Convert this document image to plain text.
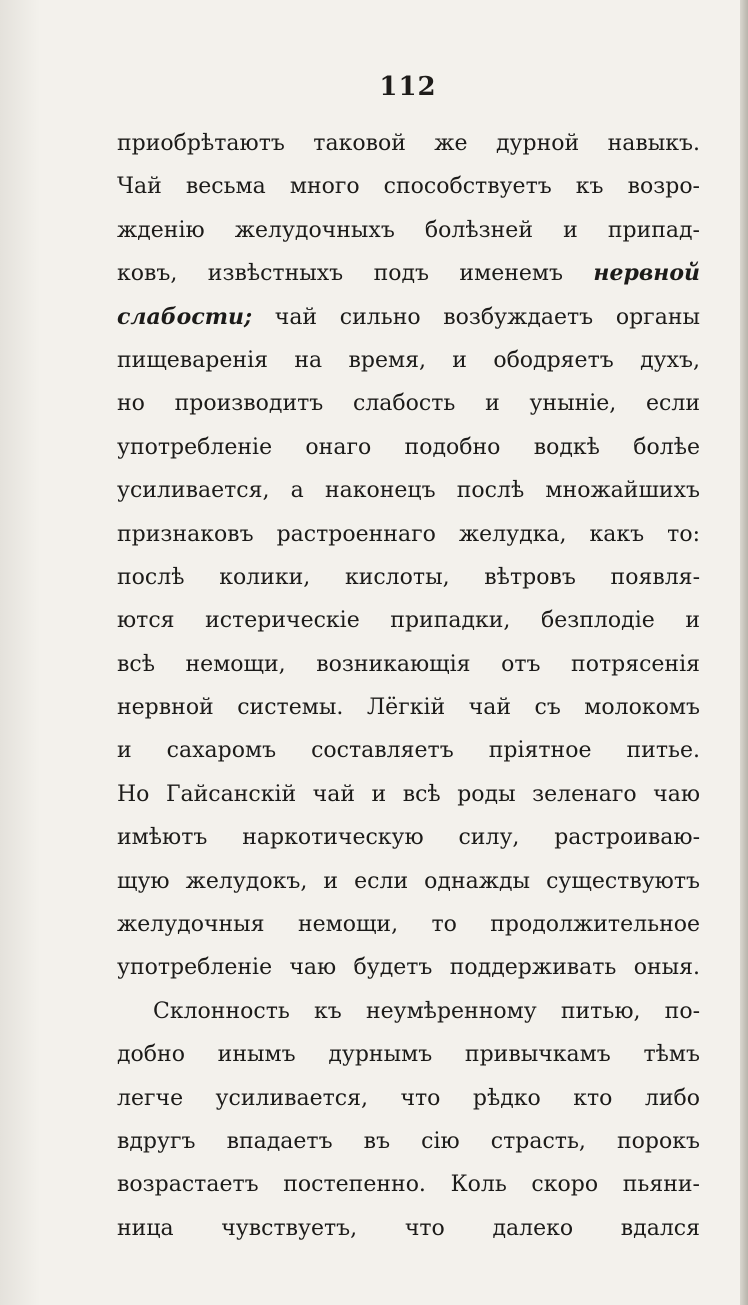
112
приобрѣтаютъ таковой же дурной навыкъ.
Чай весьма много способствуетъ къ возро-
жденію желудочныхъ болѣзней и припад-
ковъ, извѣстныхъ подъ именемъ нервной
слабости; чай сильно возбуждаетъ органы
пищеваренія на время, и ободряетъ духъ,
но производитъ слабость и уныніе, если
употребленіе онаго подобно водкѣ болѣе
усиливается, а наконецъ послѣ множайшихъ
признаковъ растроеннаго желудка, какъ то:
послѣ колики, кислоты, вѣтровъ появля-
ются истерическіе припадки, безплодіе и
всѣ немощи, возникающія отъ потрясенія
нервной системы. Лёгкій чай съ молокомъ
и сахаромъ составляетъ пріятное питье.
Но Гайсанскій чай и всѣ роды зеленаго чаю
имѣютъ наркотическую силу, растроиваю-
щую желудокъ, и если однажды существуютъ
желудочныя немощи, то продолжительное
употребленіе чаю будетъ поддерживать оныя.
Склонность къ неумѣренному питью, по-
добно инымъ дурнымъ привычкамъ тѣмъ
легче усиливается, что рѣдко кто либо
вдругъ впадаетъ въ сію страсть, порокъ
возрастаетъ постепенно. Коль скоро пьяни-
ница чувствуетъ, что далеко вдался
